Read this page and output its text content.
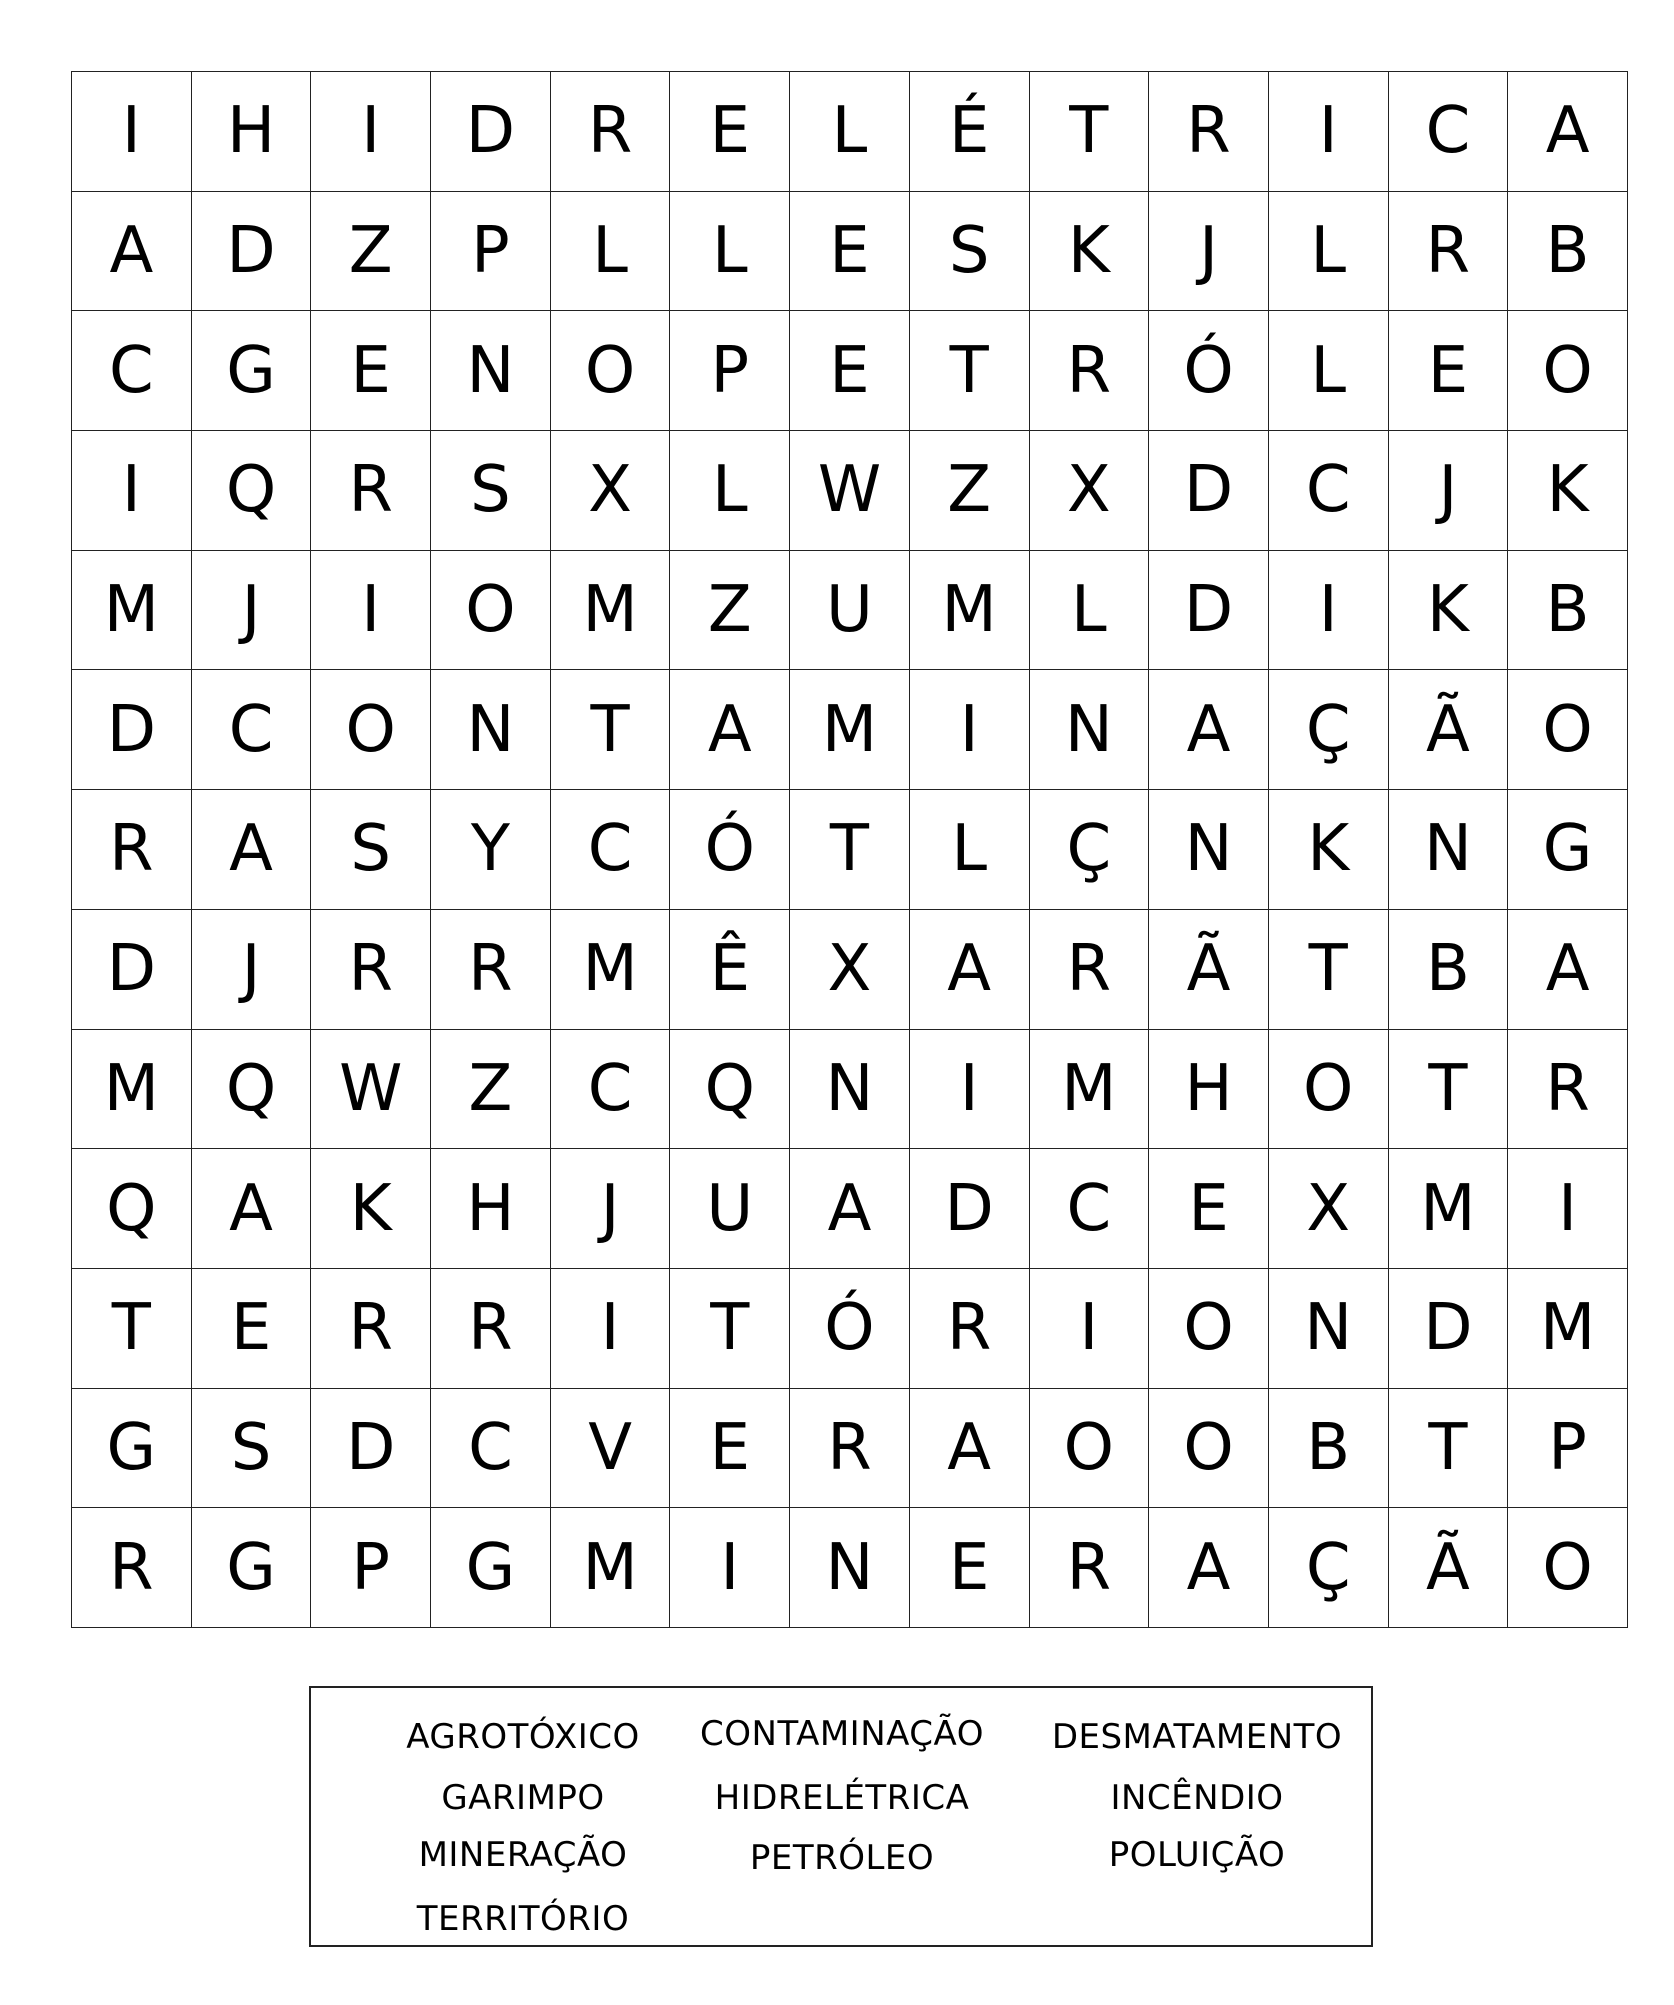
I	H	I	D	R	E	L	É	T	R	I	C	A
A	D	Z	P	L	L	E	S	K	J	L	R	B
C	G	E	N	O	P	E	T	R	Ó	L	E	O
I	Q	R	S	X	L	W	Z	X	D	C	J	K
M	J	I	O	M	Z	U	M	L	D	I	K	B
D	C	O	N	T	A	M	I	N	A	Ç	Ã	O
R	A	S	Y	C	Ó	T	L	Ç	N	K	N	G
D	J	R	R	M	Ê	X	A	R	Ã	T	B	A
M	Q	W	Z	C	Q	N	I	M	H	O	T	R
Q	A	K	H	J	U	A	D	C	E	X	M	I
T	E	R	R	I	T	Ó	R	I	O	N	D	M
G	S	D	C	V	E	R	A	O	O	B	T	P
R	G	P	G	M	I	N	E	R	A	Ç	Ã	O
AGROTÓXICO
GARIMPO
MINERAÇÃO
TERRITÓRIO
CONTAMINAÇÃO
HIDRELÉTRICA
PETRÓLEO
DESMATAMENTO
INCÊNDIO
POLUIÇÃO
